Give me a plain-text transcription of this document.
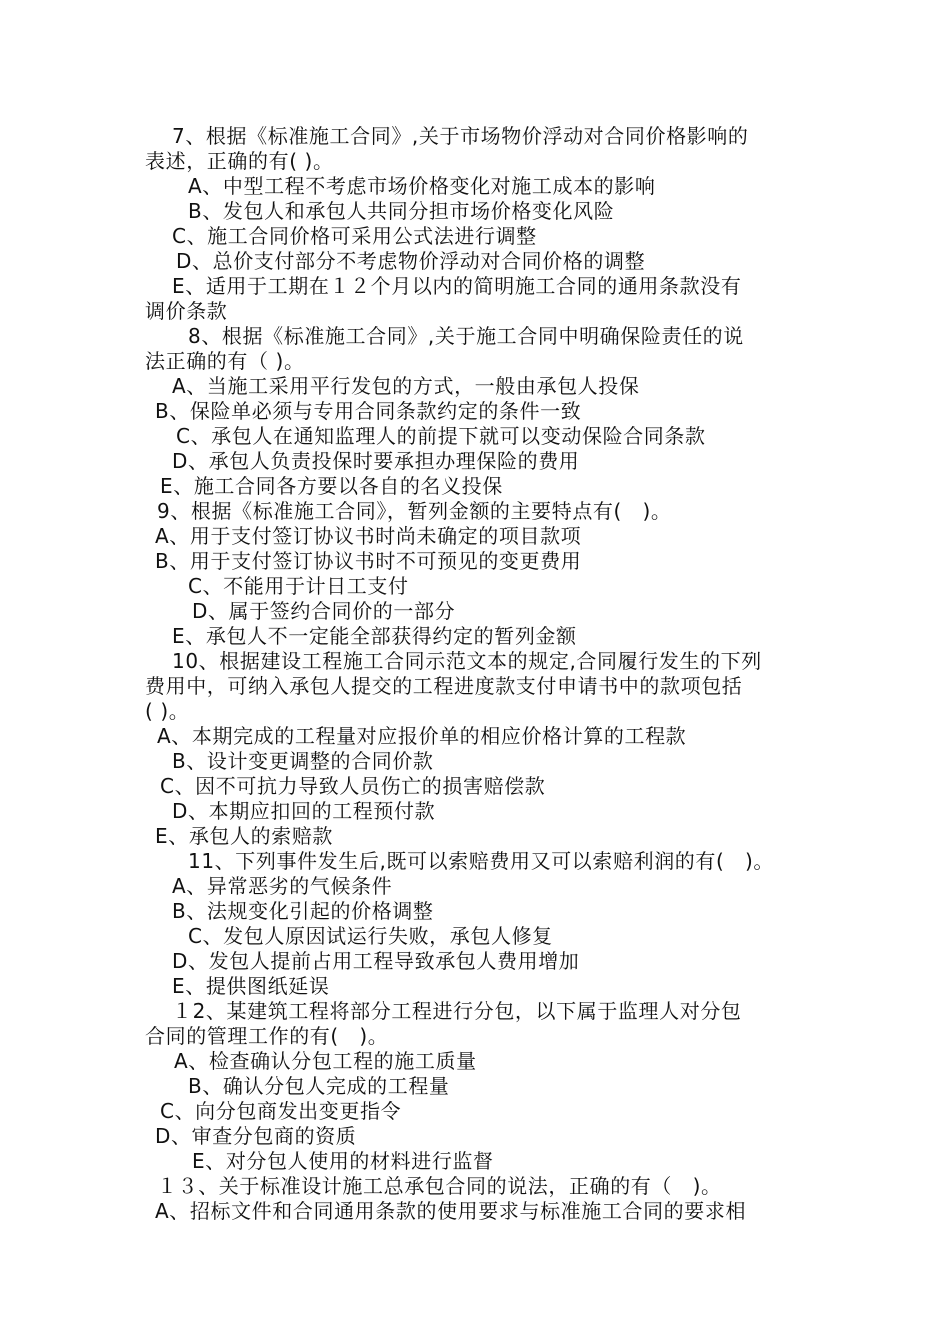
7、根据《标准施工合同》,关于市场物价浮动对合同价格影响的
表述，正确的有( )。
A、中型工程不考虑市场价格变化对施工成本的影响
B、发包人和承包人共同分担市场价格变化风险
C、施工合同价格可采用公式法进行调整
D、总价支付部分不考虑物价浮动对合同价格的调整
E、适用于工期在１２个月以内的简明施工合同的通用条款没有
调价条款
8、根据《标准施工合同》,关于施工合同中明确保险责任的说
法正确的有（ )。
A、当施工采用平行发包的方式，一般由承包人投保
B、保险单必须与专用合同条款约定的条件一致
C、承包人在通知监理人的前提下就可以变动保险合同条款
D、承包人负责投保时要承担办理保险的费用
E、施工合同各方要以各自的名义投保
9、根据《标准施工合同》，暂列金额的主要特点有(　)。
A、用于支付签订协议书时尚未确定的项目款项
B、用于支付签订协议书时不可预见的变更费用
C、不能用于计日工支付
D、属于签约合同价的一部分
E、承包人不一定能全部获得约定的暂列金额
10、根据建设工程施工合同示范文本的规定,合同履行发生的下列
费用中，可纳入承包人提交的工程进度款支付申请书中的款项包括
( )。
A、本期完成的工程量对应报价单的相应价格计算的工程款
B、设计变更调整的合同价款
C、因不可抗力导致人员伤亡的损害赔偿款
D、本期应扣回的工程预付款
E、承包人的索赔款
11、下列事件发生后,既可以索赔费用又可以索赔利润的有(　)。
A、异常恶劣的气候条件
B、法规变化引起的价格调整
C、发包人原因试运行失败，承包人修复
D、发包人提前占用工程导致承包人费用增加
E、提供图纸延误
１2、某建筑工程将部分工程进行分包，以下属于监理人对分包
合同的管理工作的有(　)。
A、检查确认分包工程的施工质量
B、确认分包人完成的工程量
C、向分包商发出变更指令
D、审查分包商的资质
E、对分包人使用的材料进行监督
１３、关于标准设计施工总承包合同的说法，正确的有（　)。
A、招标文件和合同通用条款的使用要求与标准施工合同的要求相
